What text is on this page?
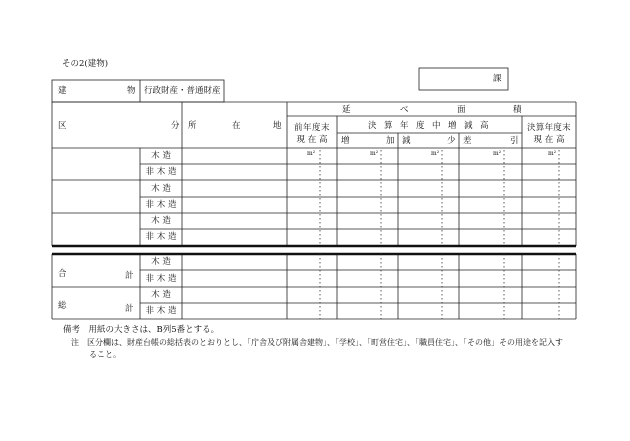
その2(建物)
課
建	物 行政財産・普通財産
区	分 所	在	地
延	べ	面	積
前年度末
現 在 高
決 算 年 度 中 増 減 高
増	加 減	少 差	引
決算年度末
現 在 高
m²	m²	m²	m²	m²
木 造
非 木 造
木 造
非 木 造
木 造
非 木 造
合	計
木 造
非 木 造
総	計
木 造
非 木 造
備考　用紙の大きさは、B列5番とする。
注　区分欄は、財産台帳の総括表のとおりとし、「庁舎及び附属舎建物」、「学校」、「町営住宅」、「職員住宅」、「その他」その用途を記入す
ること。
